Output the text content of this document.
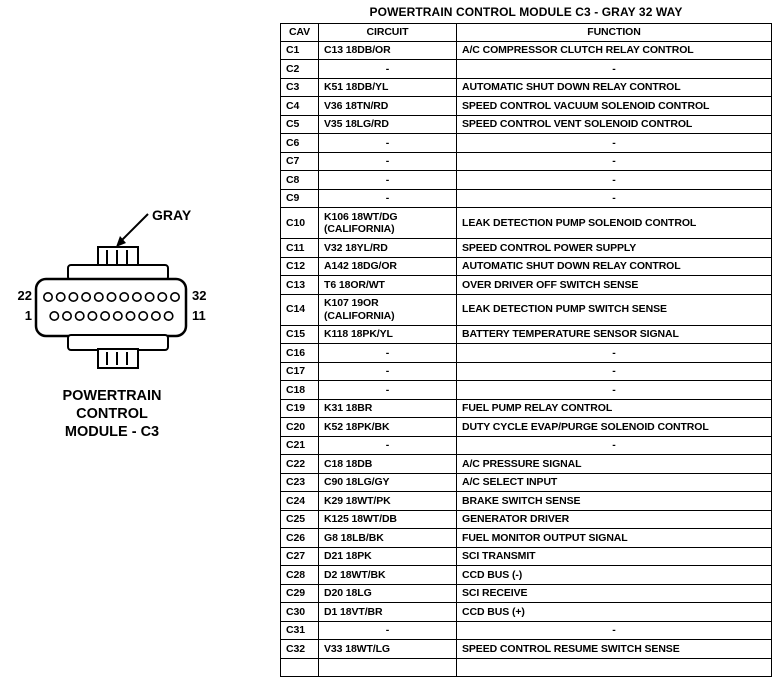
POWERTRAIN CONTROL MODULE C3 - GRAY 32 WAY
GRAY
22
1
32
11
POWERTRAIN
CONTROL
MODULE - C3
CAV	CIRCUIT	FUNCTION
C1	C13 18DB/OR	A/C COMPRESSOR CLUTCH RELAY CONTROL
C2	-	-
C3	K51 18DB/YL	AUTOMATIC SHUT DOWN RELAY CONTROL
C4	V36 18TN/RD	SPEED CONTROL VACUUM SOLENOID CONTROL
C5	V35 18LG/RD	SPEED CONTROL VENT SOLENOID CONTROL
C6	-	-
C7	-	-
C8	-	-
C9	-	-
C10	K106 18WT/DG (CALIFORNIA)	LEAK DETECTION PUMP SOLENOID CONTROL
C11	V32 18YL/RD	SPEED CONTROL POWER SUPPLY
C12	A142 18DG/OR	AUTOMATIC SHUT DOWN RELAY CONTROL
C13	T6 18OR/WT	OVER DRIVER OFF SWITCH SENSE
C14	K107 19OR (CALIFORNIA)	LEAK DETECTION PUMP SWITCH SENSE
C15	K118 18PK/YL	BATTERY TEMPERATURE SENSOR SIGNAL
C16	-	-
C17	-	-
C18	-	-
C19	K31 18BR	FUEL PUMP RELAY CONTROL
C20	K52 18PK/BK	DUTY CYCLE EVAP/PURGE SOLENOID CONTROL
C21	-	-
C22	C18 18DB	A/C PRESSURE SIGNAL
C23	C90 18LG/GY	A/C SELECT INPUT
C24	K29 18WT/PK	BRAKE SWITCH SENSE
C25	K125 18WT/DB	GENERATOR DRIVER
C26	G8 18LB/BK	FUEL MONITOR OUTPUT SIGNAL
C27	D21 18PK	SCI TRANSMIT
C28	D2 18WT/BK	CCD BUS (-)
C29	D20 18LG	SCI RECEIVE
C30	D1 18VT/BR	CCD BUS (+)
C31	-	-
C32	V33 18WT/LG	SPEED CONTROL RESUME SWITCH SENSE
